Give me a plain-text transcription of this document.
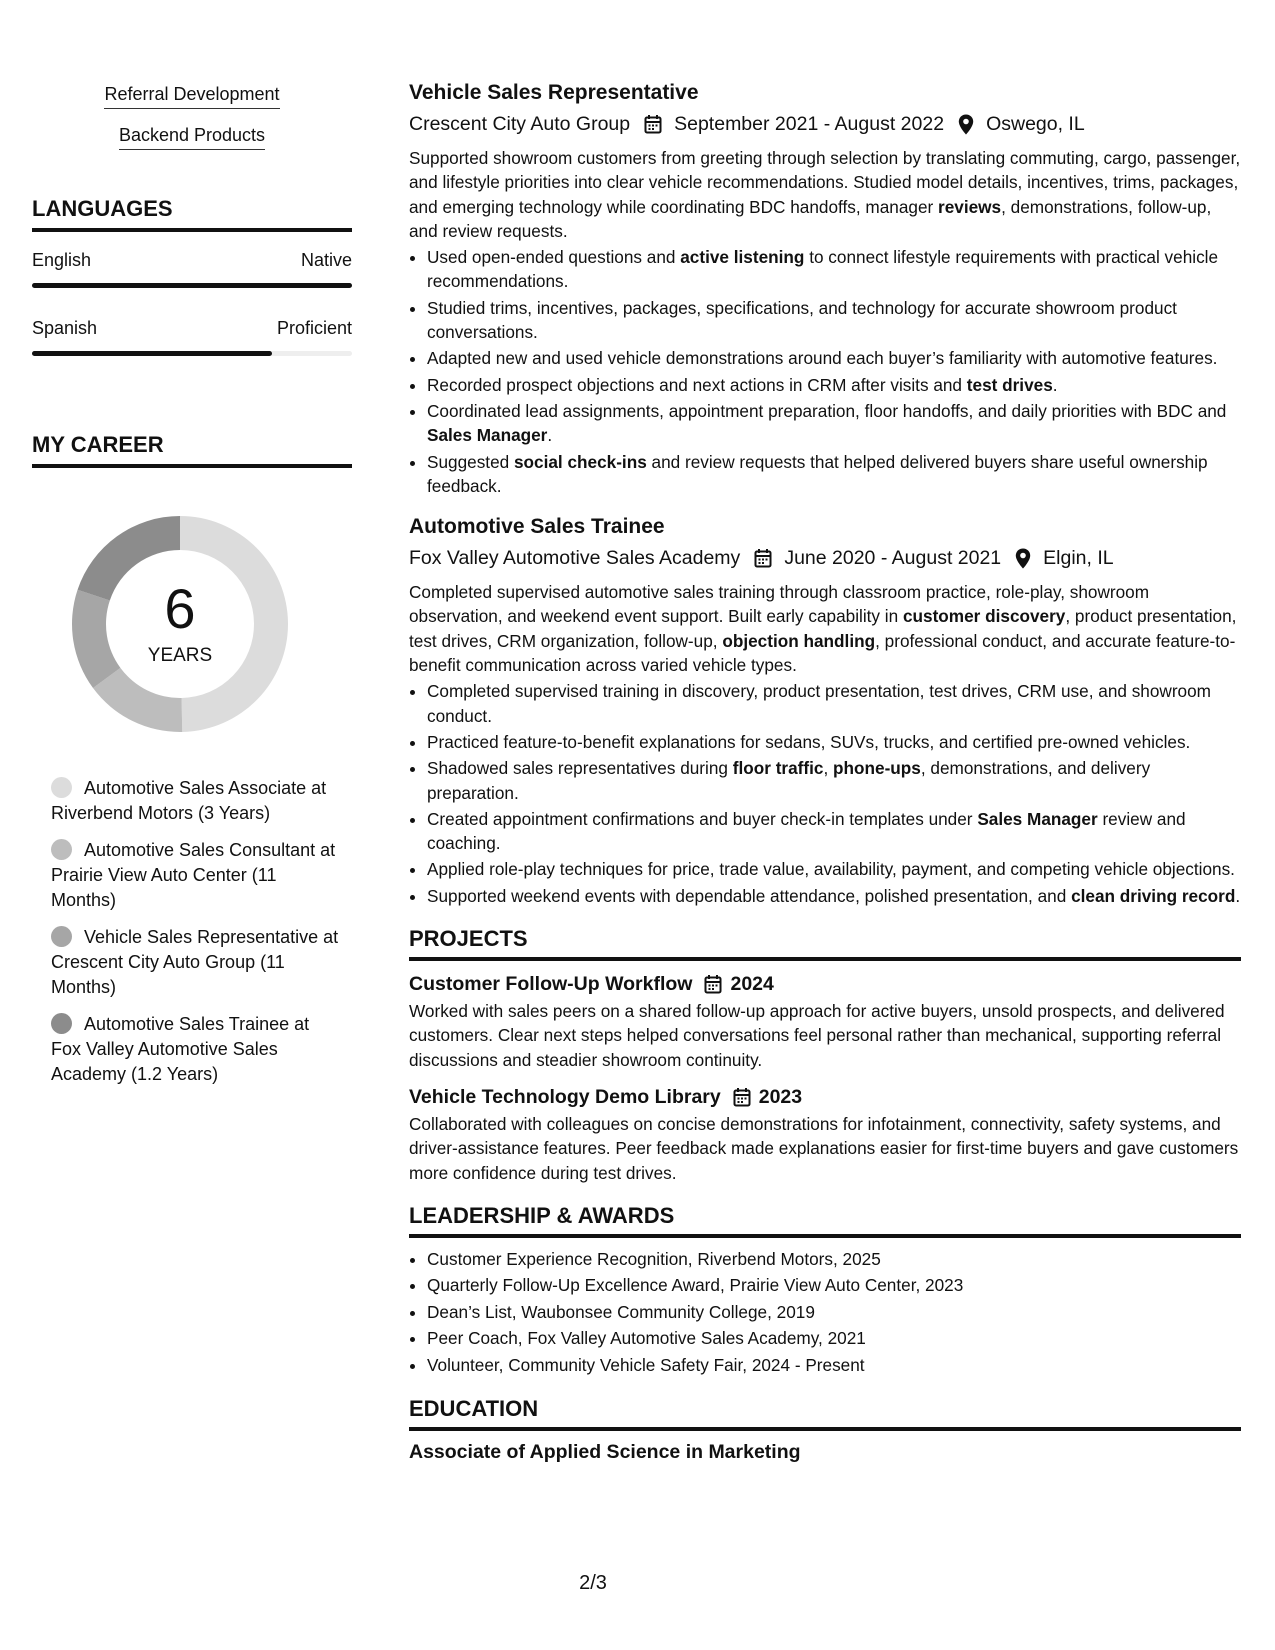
Referral Development
Backend Products
LANGUAGES
English	Native
Spanish	Proficient
MY CAREER
6
YEARS
Automotive Sales Associate at Riverbend Motors (3 Years)
Automotive Sales Consultant at Prairie View Auto Center (11 Months)
Vehicle Sales Representative at Crescent City Auto Group (11 Months)
Automotive Sales Trainee at Fox Valley Automotive Sales Academy (1.2 Years)
Vehicle Sales Representative
Crescent City Auto Group September 2021 - August 2022 Oswego, IL

Supported showroom customers from greeting through selection by translating commuting, cargo, passenger, and lifestyle priorities into clear vehicle recommendations. Studied model details, incentives, trims, packages, and emerging technology while coordinating BDC handoffs, manager reviews, demonstrations, follow-up, and review requests.

• Used open-ended questions and active listening to connect lifestyle requirements with practical vehicle recommendations.
• Studied trims, incentives, packages, specifications, and technology for accurate showroom product conversations.
• Adapted new and used vehicle demonstrations around each buyer’s familiarity with automotive features.
• Recorded prospect objections and next actions in CRM after visits and test drives.
• Coordinated lead assignments, appointment preparation, floor handoffs, and daily priorities with BDC and Sales Manager.
• Suggested social check-ins and review requests that helped delivered buyers share useful ownership feedback.
Automotive Sales Trainee
Fox Valley Automotive Sales Academy June 2020 - August 2021 Elgin, IL

Completed supervised automotive sales training through classroom practice, role-play, showroom observation, and weekend event support. Built early capability in customer discovery, product presentation, test drives, CRM organization, follow-up, objection handling, professional conduct, and accurate feature-to-benefit communication across varied vehicle types.

• Completed supervised training in discovery, product presentation, test drives, CRM use, and showroom conduct.
• Practiced feature-to-benefit explanations for sedans, SUVs, trucks, and certified pre-owned vehicles.
• Shadowed sales representatives during floor traffic, phone-ups, demonstrations, and delivery preparation.
• Created appointment confirmations and buyer check-in templates under Sales Manager review and coaching.
• Applied role-play techniques for price, trade value, availability, payment, and competing vehicle objections.
• Supported weekend events with dependable attendance, polished presentation, and clean driving record.
PROJECTS
Customer Follow-Up Workflow 2024

Worked with sales peers on a shared follow-up approach for active buyers, unsold prospects, and delivered customers. Clear next steps helped conversations feel personal rather than mechanical, supporting referral discussions and steadier showroom continuity.

Vehicle Technology Demo Library 2023

Collaborated with colleagues on concise demonstrations for infotainment, connectivity, safety systems, and driver-assistance features. Peer feedback made explanations easier for first-time buyers and gave customers more confidence during test drives.

LEADERSHIP & AWARDS
• Customer Experience Recognition, Riverbend Motors, 2025
• Quarterly Follow-Up Excellence Award, Prairie View Auto Center, 2023
• Dean’s List, Waubonsee Community College, 2019
• Peer Coach, Fox Valley Automotive Sales Academy, 2021
• Volunteer, Community Vehicle Safety Fair, 2024 - Present
EDUCATION
Associate of Applied Science in Marketing
2/3
